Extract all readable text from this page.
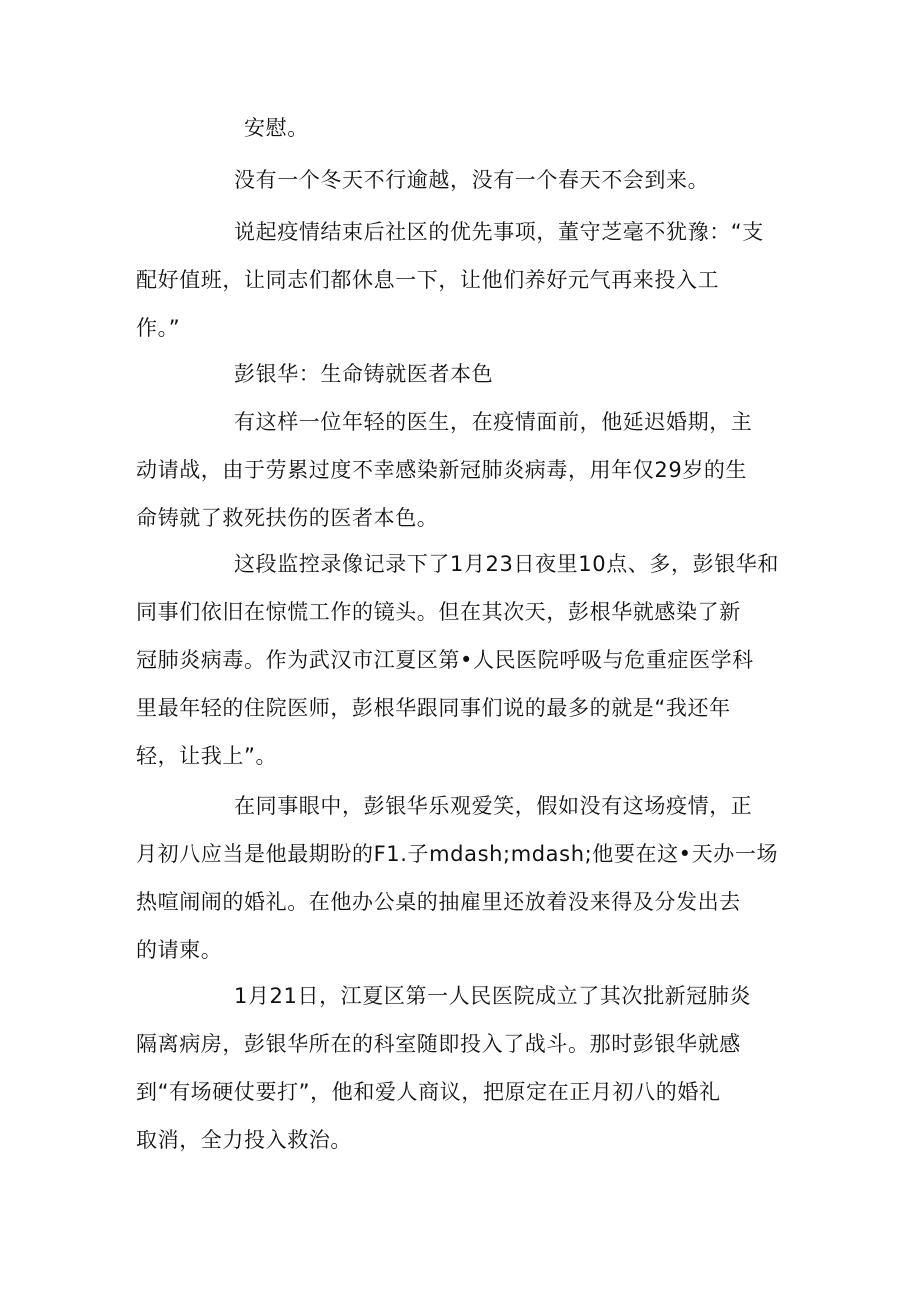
安慰。
没有一个冬天不行逾越，没有一个春天不会到来。
说起疫情结束后社区的优先事项，董守芝毫不犹豫：“支
配好值班，让同志们都休息一下，让他们养好元气再来投入工
作。”
彭银华：生命铸就医者本色
有这样一位年轻的医生，在疫情面前，他延迟婚期，主
动请战，由于劳累过度不幸感染新冠肺炎病毒，用年仅29岁的生
命铸就了救死扶伤的医者本色。
这段监控录像记录下了1月23日夜里10点、多，彭银华和
同事们依旧在惊慌工作的镜头。但在其次天，彭根华就感染了新
冠肺炎病毒。作为武汉市江夏区第•人民医院呼吸与危重症医学科
里最年轻的住院医师，彭根华跟同事们说的最多的就是“我还年
轻，让我上”。
在同事眼中，彭银华乐观爱笑，假如没有这场疫情，正
月初八应当是他最期盼的F1.子mdash;mdash;他要在这•天办一场
热喧闹闹的婚礼。在他办公桌的抽雇里还放着没来得及分发出去
的请柬。
1月21日，江夏区第一人民医院成立了其次批新冠肺炎
隔离病房，彭银华所在的科室随即投入了战斗。那时彭银华就感
到“有场硬仗要打”，他和爱人商议，把原定在正月初八的婚礼
取消，全力投入救治。
